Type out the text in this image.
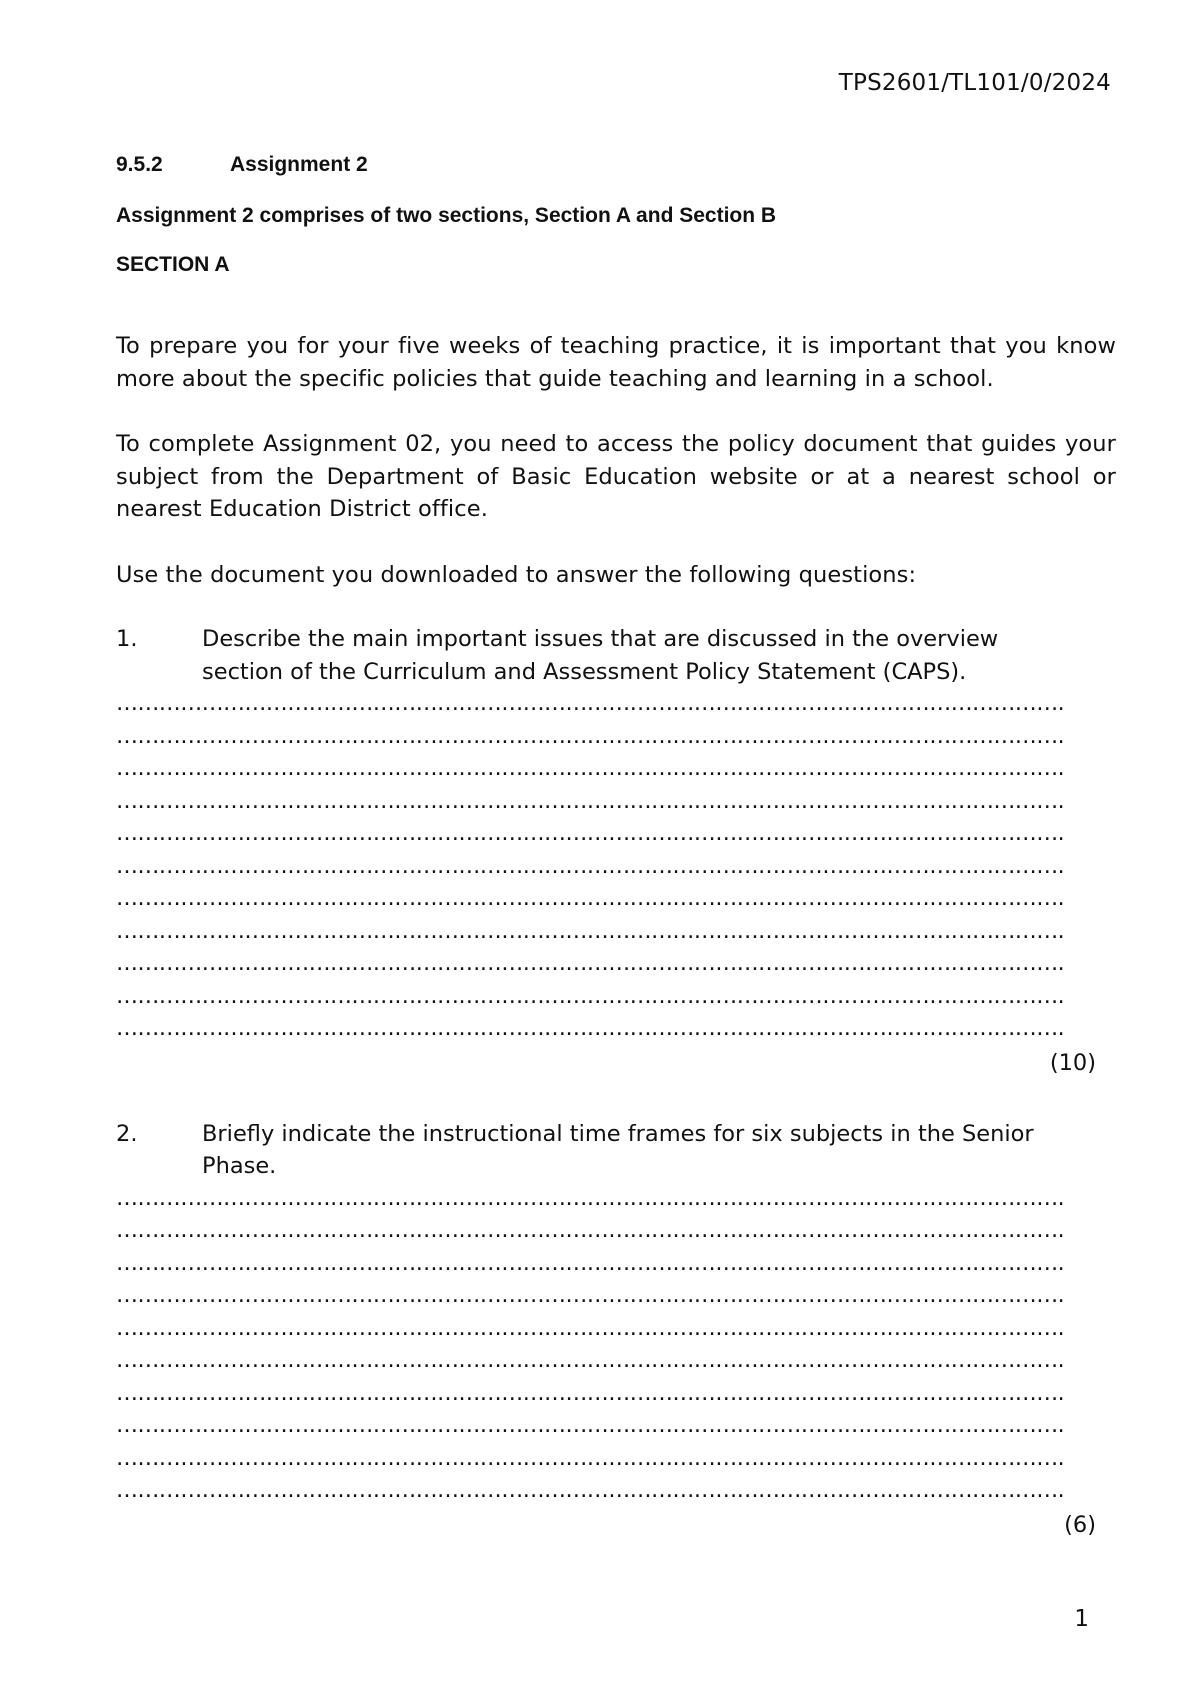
TPS2601/TL101/0/2024
9.5.2	Assignment 2
Assignment 2 comprises of two sections, Section A and Section B
SECTION A
To prepare you for your five weeks of teaching practice, it is important that you know more about the specific policies that guide teaching and learning in a school.
To complete Assignment 02, you need to access the policy document that guides your subject from the Department of Basic Education website or at a nearest school or nearest Education District office.
Use the document you downloaded to answer the following questions:
1.	Describe the main important issues that are discussed in the overview section of the Curriculum and Assessment Policy Statement (CAPS).
…………………………………………………………………………………………………………………….
…………………………………………………………………………………………………………………….
…………………………………………………………………………………………………………………….
…………………………………………………………………………………………………………………….
…………………………………………………………………………………………………………………….
…………………………………………………………………………………………………………………….
…………………………………………………………………………………………………………………….
…………………………………………………………………………………………………………………….
…………………………………………………………………………………………………………………….
…………………………………………………………………………………………………………………….
…………………………………………………………………………………………………………………….
(10)
2.	Briefly indicate the instructional time frames for six subjects in the Senior Phase.
…………………………………………………………………………………………………………………….
…………………………………………………………………………………………………………………….
…………………………………………………………………………………………………………………….
…………………………………………………………………………………………………………………….
…………………………………………………………………………………………………………………….
…………………………………………………………………………………………………………………….
…………………………………………………………………………………………………………………….
…………………………………………………………………………………………………………………….
…………………………………………………………………………………………………………………….
…………………………………………………………………………………………………………………….
(6)
1
